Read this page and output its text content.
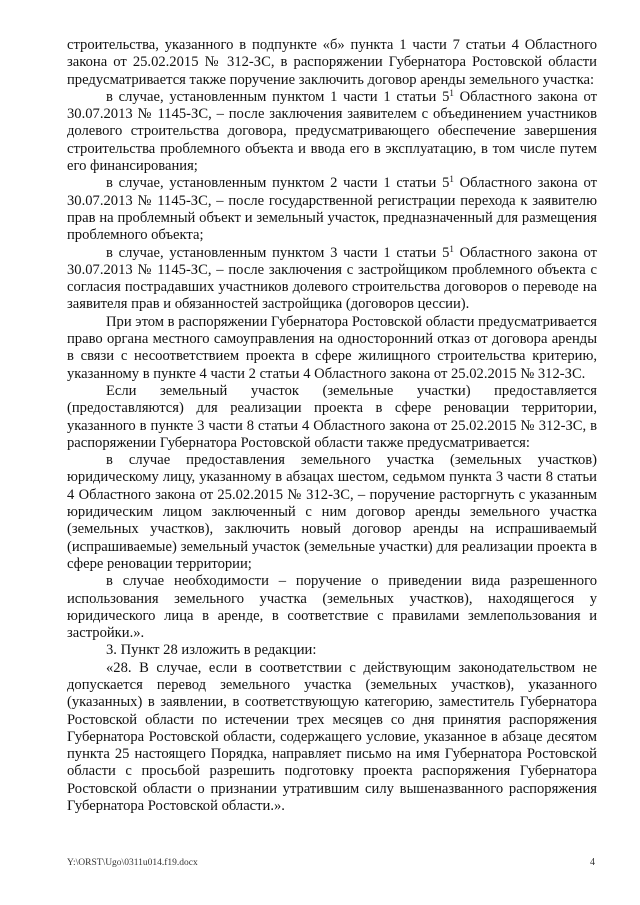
строительства, указанного в подпункте «б» пункта 1 части 7 статьи 4 Областного закона от 25.02.2015 № 312-ЗС, в распоряжении Губернатора Ростовской области предусматривается также поручение заключить договор аренды земельного участка:

в случае, установленным пунктом 1 части 1 статьи $5^1$ Областного закона от 30.07.2013 № 1145-ЗС, – после заключения заявителем с объединением участников долевого строительства договора, предусматривающего обеспечение завершения строительства проблемного объекта и ввода его в эксплуатацию, в том числе путем его финансирования;

в случае, установленным пунктом 2 части 1 статьи $5^1$ Областного закона от 30.07.2013 № 1145-ЗС, – после государственной регистрации перехода к заявителю прав на проблемный объект и земельный участок, предназначенный для размещения проблемного объекта;

в случае, установленным пунктом 3 части 1 статьи $5^1$ Областного закона от 30.07.2013 № 1145-ЗС, – после заключения с застройщиком проблемного объекта с согласия пострадавших участников долевого строительства договоров о переводе на заявителя прав и обязанностей застройщика (договоров цессии).

При этом в распоряжении Губернатора Ростовской области предусматривается право органа местного самоуправления на односторонний отказ от договора аренды в связи с несоответствием проекта в сфере жилищного строительства критерию, указанному в пункте 4 части 2 статьи 4 Областного закона от 25.02.2015 № 312-ЗС.

Если земельный участок (земельные участки) предоставляется (предоставляются) для реализации проекта в сфере реновации территории, указанного в пункте 3 части 8 статьи 4 Областного закона от 25.02.2015 № 312-ЗС, в распоряжении Губернатора Ростовской области также предусматривается:

в случае предоставления земельного участка (земельных участков) юридическому лицу, указанному в абзацах шестом, седьмом пункта 3 части 8 статьи 4 Областного закона от 25.02.2015 № 312-ЗС, – поручение расторгнуть с указанным юридическим лицом заключенный с ним договор аренды земельного участка (земельных участков), заключить новый договор аренды на испрашиваемый (испрашиваемые) земельный участок (земельные участки) для реализации проекта в сфере реновации территории;

в случае необходимости – поручение о приведении вида разрешенного использования земельного участка (земельных участков), находящегося у юридического лица в аренде, в соответствие с правилами землепользования и застройки.».

3. Пункт 28 изложить в редакции:

«28. В случае, если в соответствии с действующим законодательством не допускается перевод земельного участка (земельных участков), указанного (указанных) в заявлении, в соответствующую категорию, заместитель Губернатора Ростовской области по истечении трех месяцев со дня принятия распоряжения Губернатора Ростовской области, содержащего условие, указанное в абзаце десятом пункта 25 настоящего Порядка, направляет письмо на имя Губернатора Ростовской области с просьбой разрешить подготовку проекта распоряжения Губернатора Ростовской области о признании утратившим силу вышеназванного распоряжения Губернатора Ростовской области.».

Y:\ORST\Ugo\0311u014.f19.docx	4
